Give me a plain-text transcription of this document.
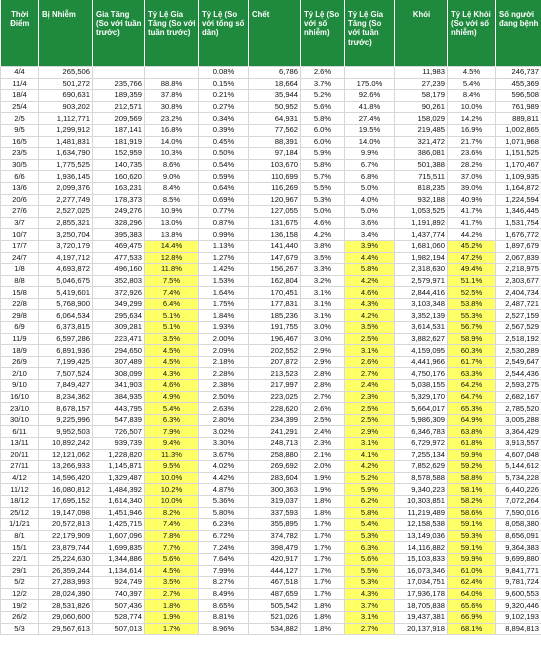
Thời Điểm	Bị Nhiễm	Gia Tăng (So với tuần trước)	Tỷ Lệ Gia Tăng (So với tuần trước)	Tỷ Lệ (So với tổng số dân)	Chết	Tỷ Lệ (So với số nhiễm)	Tỷ Lệ Gia Tăng (So với tuần trước)	Khỏi	Tỷ Lệ Khỏi (So với số nhiễm)	Số người đang bệnh
4/4	265,506			0.08%	6,786	2.6%		11,983	4.5%	246,737
11/4	501,272	235,766	88.8%	0.15%	18,664	3.7%	175.0%	27,239	5.4%	455,369
18/4	690,631	189,359	37.8%	0.21%	35,944	5.2%	92.6%	58,179	8.4%	596,508
25/4	903,202	212,571	30.8%	0.27%	50,952	5.6%	41.8%	90,261	10.0%	761,989
2/5	1,112,771	209,569	23.2%	0.34%	64,931	5.8%	27.4%	158,029	14.2%	889,811
9/5	1,299,912	187,141	16.8%	0.39%	77,562	6.0%	19.5%	219,485	16.9%	1,002,865
16/5	1,481,831	181,919	14.0%	0.45%	88,391	6.0%	14.0%	321,472	21.7%	1,071,968
23/5	1,634,790	152,959	10.3%	0.50%	97,184	5.9%	9.9%	386,081	23.6%	1,151,525
30/5	1,775,525	140,735	8.6%	0.54%	103,670	5.8%	6.7%	501,388	28.2%	1,170,467
6/6	1,936,145	160,620	9.0%	0.59%	110,699	5.7%	6.8%	715,511	37.0%	1,109,935
13/6	2,099,376	163,231	8.4%	0.64%	116,269	5.5%	5.0%	818,235	39.0%	1,164,872
20/6	2,277,749	178,373	8.5%	0.69%	120,967	5.3%	4.0%	932,188	40.9%	1,224,594
27/6	2,527,025	249,276	10.9%	0.77%	127,055	5.0%	5.0%	1,053,525	41.7%	1,346,445
3/7	2,855,321	328,296	13.0%	0.87%	131,675	4.6%	3.6%	1,191,892	41.7%	1,531,754
10/7	3,250,704	395,383	13.8%	0.99%	136,158	4.2%	3.4%	1,437,774	44.2%	1,676,772
17/7	3,720,179	469,475	14.4%	1.13%	141,440	3.8%	3.9%	1,681,060	45.2%	1,897,679
24/7	4,197,712	477,533	12.8%	1.27%	147,679	3.5%	4.4%	1,982,194	47.2%	2,067,839
1/8	4,693,872	496,160	11.8%	1.42%	156,267	3.3%	5.8%	2,318,630	49.4%	2,218,975
8/8	5,046,675	352,803	7.5%	1.53%	162,804	3.2%	4.2%	2,579,971	51.1%	2,303,677
15/8	5,419,601	372,926	7.4%	1.64%	170,451	3.1%	4.6%	2,844,416	52.5%	2,404,734
22/8	5,768,900	349,299	6.4%	1.75%	177,831	3.1%	4.3%	3,103,348	53.8%	2,487,721
29/8	6,064,534	295,634	5.1%	1.84%	185,236	3.1%	4.2%	3,352,139	55.3%	2,527,159
6/9	6,373,815	309,281	5.1%	1.93%	191,755	3.0%	3.5%	3,614,531	56.7%	2,567,529
11/9	6,597,286	223,471	3.5%	2.00%	196,467	3.0%	2.5%	3,882,627	58.9%	2,518,192
18/9	6,891,936	294,650	4.5%	2.09%	202,552	2.9%	3.1%	4,159,095	60.3%	2,530,289
26/9	7,199,425	307,489	4.5%	2.18%	207,872	2.9%	2.6%	4,441,966	61.7%	2,549,647
2/10	7,507,524	308,099	4.3%	2.28%	213,523	2.8%	2.7%	4,750,176	63.3%	2,544,436
9/10	7,849,427	341,903	4.6%	2.38%	217,997	2.8%	2.4%	5,038,155	64.2%	2,593,275
16/10	8,234,362	384,935	4.9%	2.50%	223,025	2.7%	2.3%	5,329,170	64.7%	2,682,167
23/10	8,678,157	443,795	5.4%	2.63%	228,620	2.6%	2.5%	5,664,017	65.3%	2,785,520
30/10	9,225,996	547,839	6.3%	2.80%	234,399	2.5%	2.5%	5,986,309	64.9%	3,005,288
6/11	9,952,503	726,507	7.9%	3.02%	241,291	2.4%	2.9%	6,346,783	63.8%	3,364,429
13/11	10,892,242	939,739	9.4%	3.30%	248,713	2.3%	3.1%	6,729,972	61.8%	3,913,557
20/11	12,121,062	1,228,820	11.3%	3.67%	258,880	2.1%	4.1%	7,255,134	59.9%	4,607,048
27/11	13,266,933	1,145,871	9.5%	4.02%	269,692	2.0%	4.2%	7,852,629	59.2%	5,144,612
4/12	14,596,420	1,329,487	10.0%	4.42%	283,604	1.9%	5.2%	8,578,588	58.8%	5,734,228
11/12	16,080,812	1,484,392	10.2%	4.87%	300,363	1.9%	5.9%	9,340,223	58.1%	6,440,226
18/12	17,695,152	1,614,340	10.0%	5.36%	319,037	1.8%	6.2%	10,303,851	58.2%	7,072,264
25/12	19,147,098	1,451,946	8.2%	5.80%	337,593	1.8%	5.8%	11,219,489	58.6%	7,590,016
1/1/21	20,572,813	1,425,715	7.4%	6.23%	355,895	1.7%	5.4%	12,158,538	59.1%	8,058,380
8/1	22,179,909	1,607,096	7.8%	6.72%	374,782	1.7%	5.3%	13,149,036	59.3%	8,656,091
15/1	23,879,744	1,699,835	7.7%	7.24%	398,479	1.7%	6.3%	14,116,882	59.1%	9,364,383
22/1	25,224,630	1,344,886	5.6%	7.64%	420,917	1.7%	5.6%	15,103,833	59.9%	9,699,880
29/1	26,359,244	1,134,614	4.5%	7.99%	444,127	1.7%	5.5%	16,073,346	61.0%	9,841,771
5/2	27,283,993	924,749	3.5%	8.27%	467,518	1.7%	5.3%	17,034,751	62.4%	9,781,724
12/2	28,024,390	740,397	2.7%	8.49%	487,659	1.7%	4.3%	17,936,178	64.0%	9,600,553
19/2	28,531,826	507,436	1.8%	8.65%	505,542	1.8%	3.7%	18,705,838	65.6%	9,320,446
26/2	29,060,600	528,774	1.9%	8.81%	521,026	1.8%	3.1%	19,437,381	66.9%	9,102,193
5/3	29,567,613	507,013	1.7%	8.96%	534,882	1.8%	2.7%	20,137,918	68.1%	8,894,813
